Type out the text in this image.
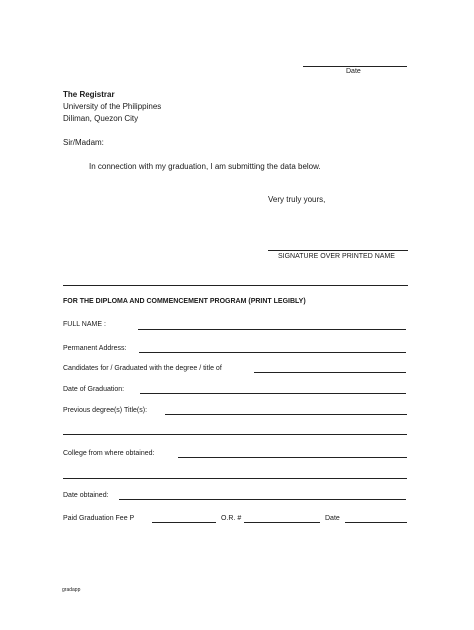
Date
The Registrar
University of the Philippines
Diliman, Quezon City
Sir/Madam:
In connection with my graduation, I am submitting the data below.
Very truly yours,
SIGNATURE OVER PRINTED NAME
FOR THE DIPLOMA AND COMMENCEMENT PROGRAM (PRINT LEGIBLY)
FULL NAME :
Permanent Address:
Candidates for / Graduated with the degree / title of
Date of Graduation:
Previous degree(s) Title(s):
College from where obtained:
Date obtained:
Paid Graduation Fee P	O.R. #	Date
gradapp
